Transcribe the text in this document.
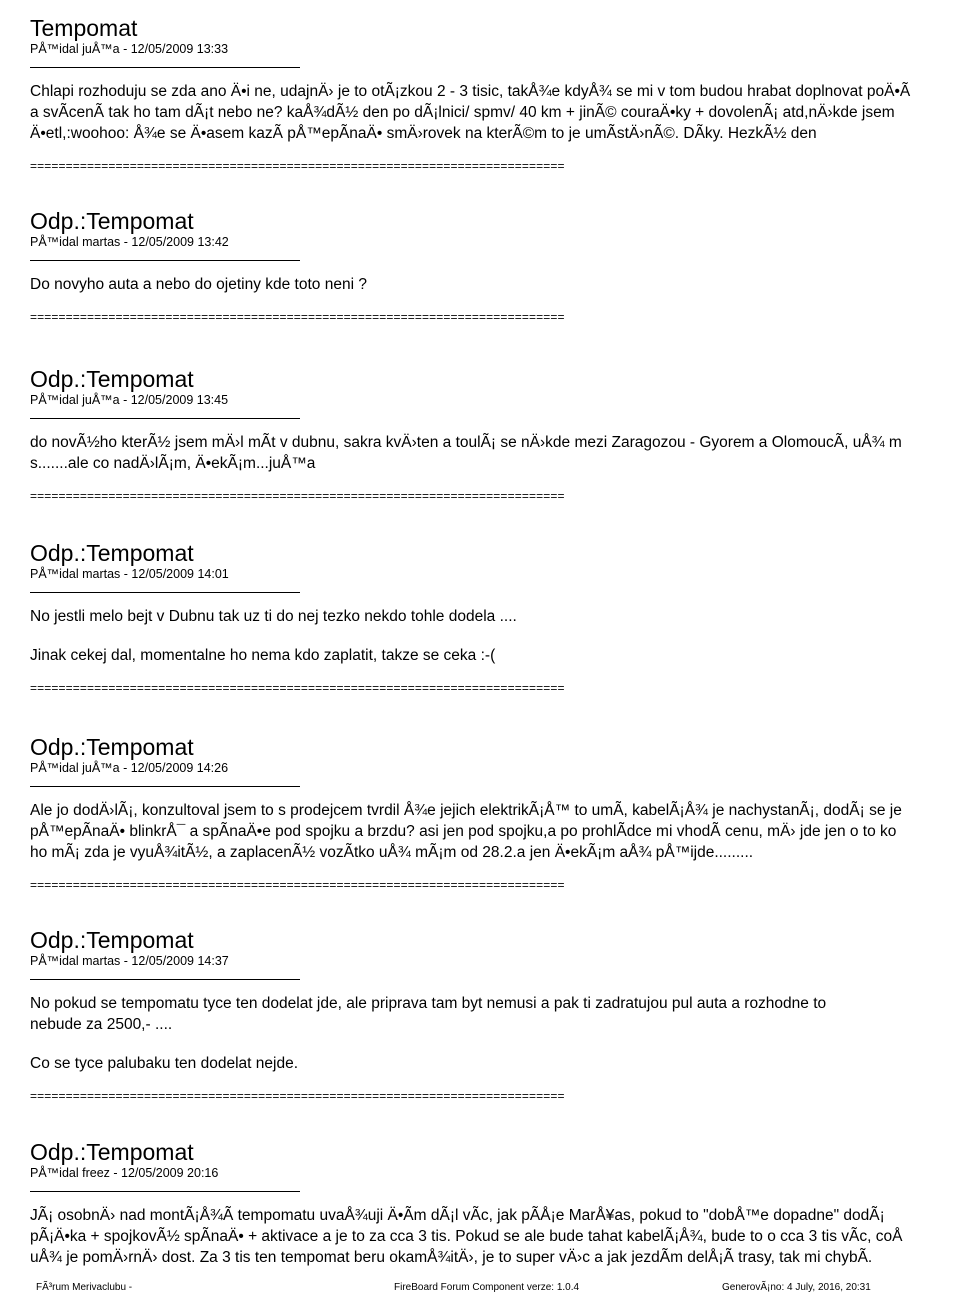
Tempomat
PÅ™idal juÅ™a - 12/05/2009 13:33
Chlapi rozhoduju se zda ano Ä•i ne, udajnÄ› je to otÃ¡zkou 2 - 3 tisic, takÅ¾e kdyÅ¾ se mi v tom budou hrabat doplnovat poÄ•Ã
a svÃcenÃ tak ho tam dÃ¡t nebo ne? kaÅ¾dÃ½ den po dÃ¡lnici/ spmv/ 40 km + jinÃ© couraÄ•ky + dovolenÃ¡ atd,nÄ›kde jsem
Ä•etl,:woohoo: Å¾e se Ä•asem kazÃ pÅ™epÃnaÄ• smÄ›rovek na kterÃ©m to je umÃstÄ›nÃ©. DÃky. HezkÃ½ den
===========================================================================
Odp.:Tempomat
PÅ™idal martas - 12/05/2009 13:42
Do novyho auta a nebo do ojetiny kde toto neni ?
===========================================================================
Odp.:Tempomat
PÅ™idal juÅ™a - 12/05/2009 13:45
do novÃ½ho kterÃ½ jsem mÄ›l mÃt v dubnu, sakra kvÄ›ten a toulÃ¡ se nÄ›kde mezi Zaragozou - Gyorem a OlomoucÃ, uÅ¾ m
s.......ale co nadÄ›lÃ¡m, Ä•ekÃ¡m...juÅ™a
===========================================================================
Odp.:Tempomat
PÅ™idal martas - 12/05/2009 14:01
No jestli melo bejt v Dubnu tak uz ti do nej tezko nekdo tohle dodela ....
Jinak cekej dal, momentalne ho nema kdo zaplatit, takze se ceka :-(
===========================================================================
Odp.:Tempomat
PÅ™idal juÅ™a - 12/05/2009 14:26
Ale jo dodÄ›lÃ¡, konzultoval jsem to s prodejcem tvrdil Å¾e jejich elektrikÃ¡Å™ to umÃ, kabelÃ¡Å¾ je nachystanÃ¡, dodÃ¡ se je
pÅ™epÃnaÄ• blinkrÅ¯ a spÃnaÄ•e pod spojku a brzdu? asi jen pod spojku,a po prohlÃdce mi vhodÃ cenu, mÄ› jde jen o to ko
ho mÃ¡ zda je vyuÅ¾itÃ½, a zaplacenÃ½ vozÃtko uÅ¾ mÃ¡m od 28.2.a jen Ä•ekÃ¡m aÅ¾ pÅ™ijde.........
===========================================================================
Odp.:Tempomat
PÅ™idal martas - 12/05/2009 14:37
No pokud se tempomatu tyce ten dodelat jde, ale priprava tam byt nemusi a pak ti zadratujou pul auta a rozhodne to
nebude za 2500,- ....
Co se tyce palubaku ten dodelat nejde.
===========================================================================
Odp.:Tempomat
PÅ™idal freez - 12/05/2009 20:16
JÃ¡ osobnÄ› nad montÃ¡Å¾Ã tempomatu uvaÅ¾uji Ä•Ãm dÃ¡l vÃc, jak pÃÅ¡e MarÅ¥as, pokud to "dobÅ™e dopadne" dodÃ¡
pÃ¡Ä•ka + spojkovÃ½ spÃnaÄ• + aktivace a je to za cca 3 tis. Pokud se ale bude tahat kabelÃ¡Å¾, bude to o cca 3 tis vÃc, coÅ
uÅ¾ je pomÄ›rnÄ› dost. Za 3 tis ten tempomat beru okamÅ¾itÄ›, je to super vÄ›c a jak jezdÃm delÅ¡Ã trasy, tak mi chybÃ.
FÃ³rum Merivaclubu -	FireBoard Forum Component verze: 1.0.4	GenerovÃ¡no: 4 July, 2016, 20:31
